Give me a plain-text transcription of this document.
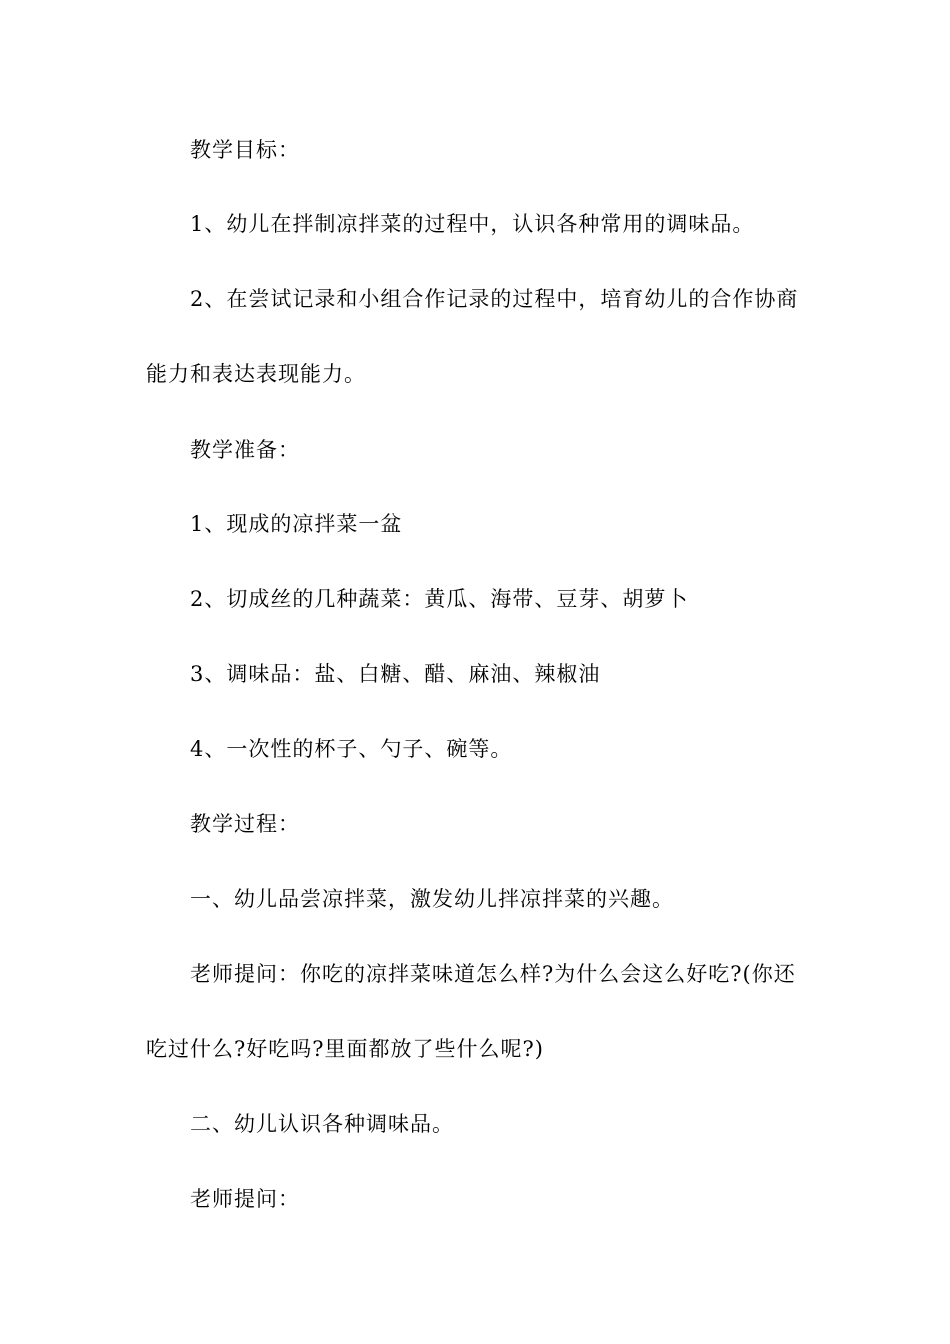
教学目标：
1、幼儿在拌制凉拌菜的过程中，认识各种常用的调味品。
2、在尝试记录和小组合作记录的过程中，培育幼儿的合作协商
能力和表达表现能力。
教学准备：
1、现成的凉拌菜一盆
2、切成丝的几种蔬菜：黄瓜、海带、豆芽、胡萝卜
3、调味品：盐、白糖、醋、麻油、辣椒油
4、一次性的杯子、勺子、碗等。
教学过程：
一、幼儿品尝凉拌菜，激发幼儿拌凉拌菜的兴趣。
老师提问：你吃的凉拌菜味道怎么样?为什么会这么好吃?(你还
吃过什么?好吃吗?里面都放了些什么呢?)
二、幼儿认识各种调味品。
老师提问：
